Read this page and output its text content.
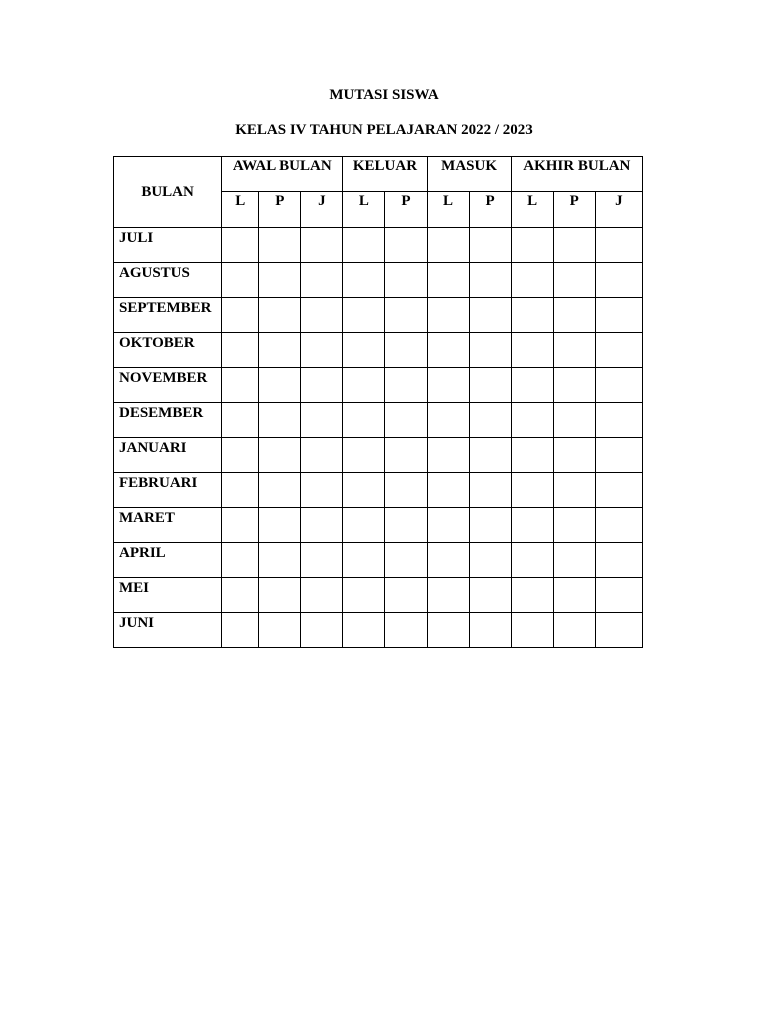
MUTASI SISWA
KELAS IV TAHUN PELAJARAN 2022 / 2023
BULAN	AWAL BULAN			KELUAR		MASUK		AKHIR BULAN		
	L	P	J	L	P	L	P	L	P	J
JULI										
AGUSTUS										
SEPTEMBER										
OKTOBER										
NOVEMBER										
DESEMBER										
JANUARI										
FEBRUARI										
MARET										
APRIL										
MEI										
JUNI										
